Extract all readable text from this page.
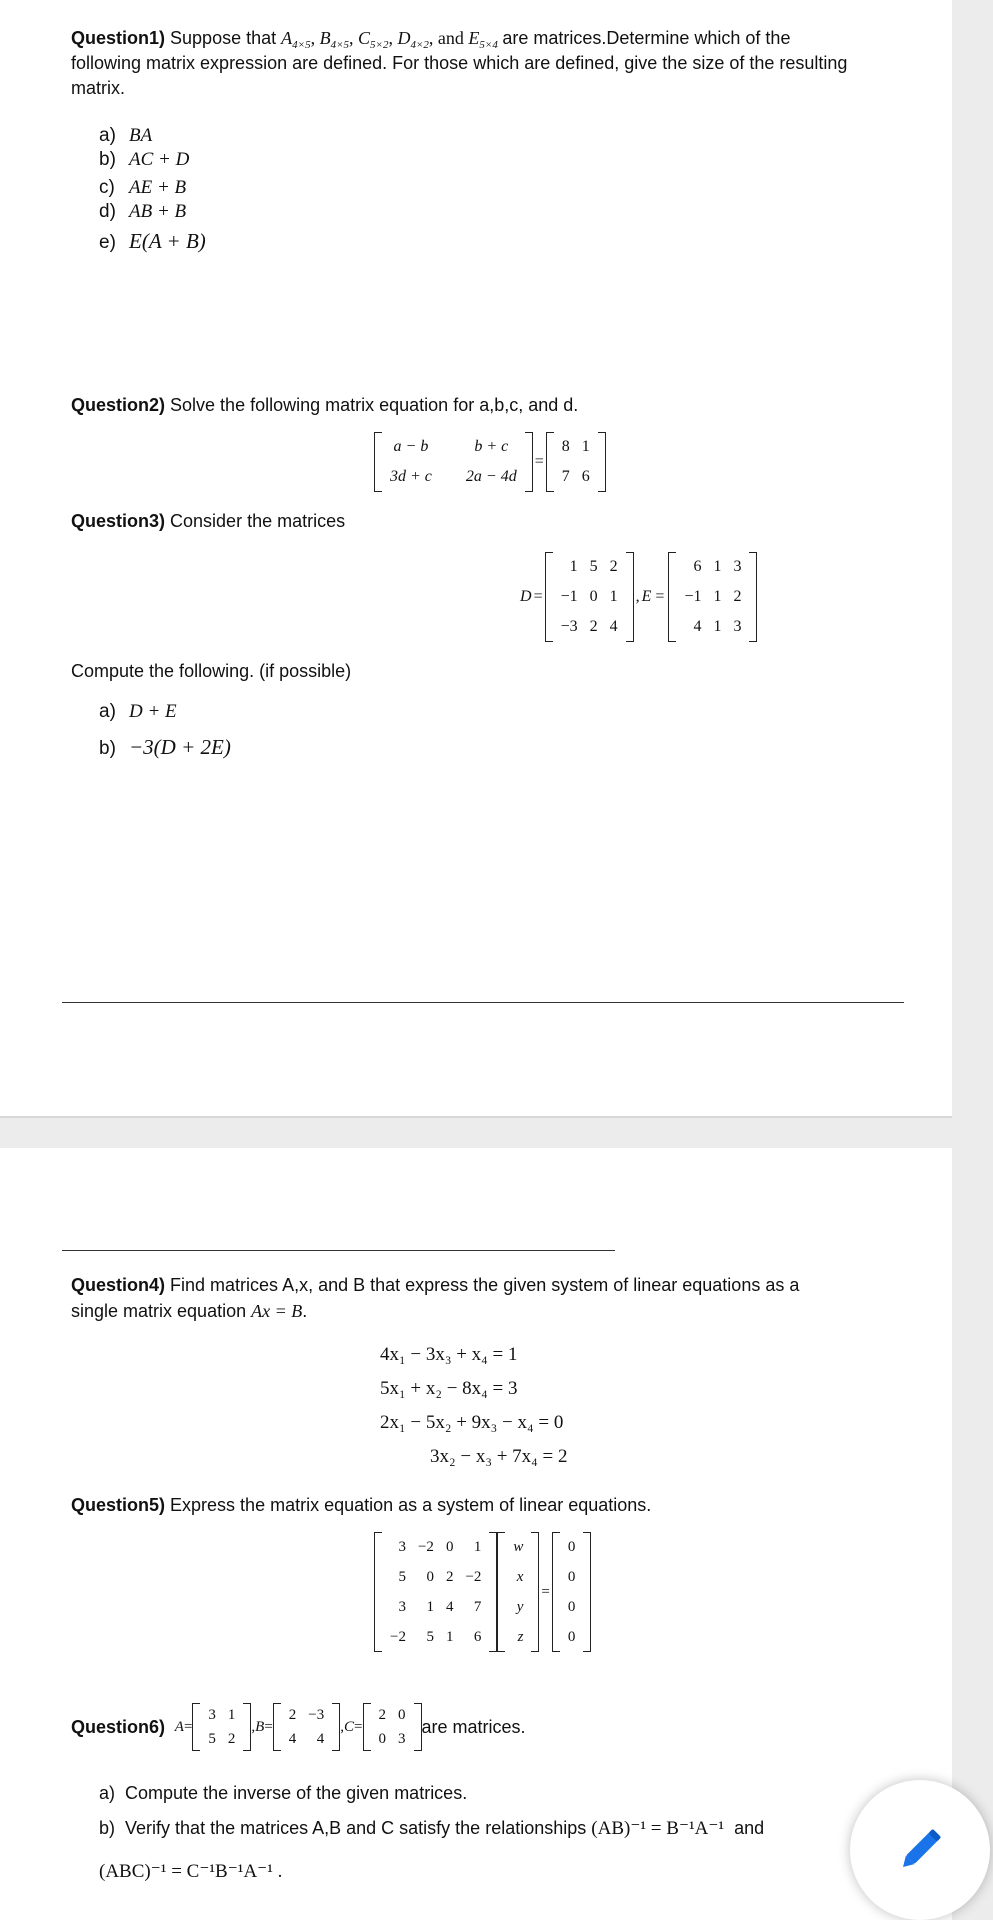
Question1) Suppose that $A_{4\times 5}$, $B_{4\times 5}$, $C_{5\times 2}$, $D_{4\times 2}$, and $E_{5\times 4}$ are matrices.Determine which of the
following matrix expression are defined. For those which are defined, give the size of the resulting
matrix.
a) BA
b) AC + D
c) AE + B
d) AB + B
e) E(A + B)
Question2) Solve the following matrix equation for a,b,c, and d.
a − b	b + c
3d + c	2a − 4d
=
8	1
7	6
Question3) Consider the matrices
D =
1	5	2
−1	0	1
−3	2	4
, E =
6	1	3
−1	1	2
4	1	3
Compute the following. (if possible)
a) D + E
b) −3(D + 2E)
Question4) Find matrices A,x, and B that express the given system of linear equations as a
single matrix equation Ax = B.
4x₁ − 3x₃ + x₄ = 1
5x₁ + x₂ − 8x₄ = 3
2x₁ − 5x₂ + 9x₃ − x₄ = 0
3x₂ − x₃ + 7x₄ = 2
Question5) Express the matrix equation as a system of linear equations.
3	−2	0	1
5	0	2	−2
3	1	4	7
−2	5	1	6
w
x
y
z
=
0
0
0
0
Question6) A=
3	1
5	2
,B=
2	−3
4	4
,C=
2	0
0	3
are matrices.
a) Compute the inverse of the given matrices.
b) Verify that the matrices A,B and C satisfy the relationships (AB)⁻¹ = B⁻¹A⁻¹ and
(ABC)⁻¹ = C⁻¹B⁻¹A⁻¹ .
